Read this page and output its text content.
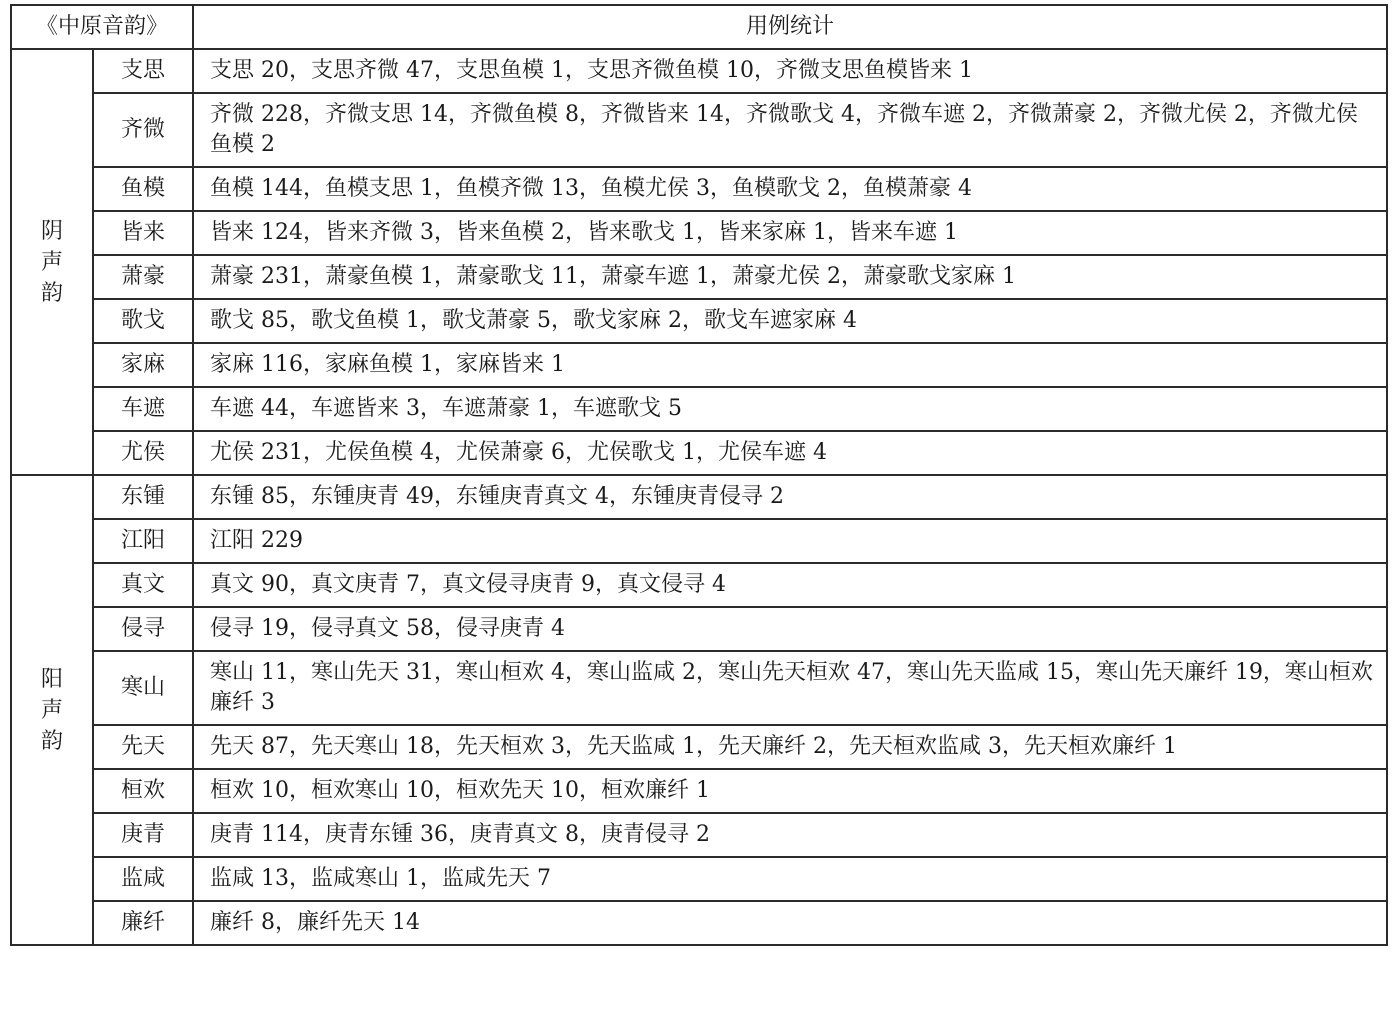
《中原音韵》		用例统计

阴声韵	支思	支思 20，支思齐微 47，支思鱼模 1，支思齐微鱼模 10，齐微支思鱼模皆来 1
	齐微	齐微 228，齐微支思 14，齐微鱼模 8，齐微皆来 14，齐微歌戈 4，齐微车遮 2，齐微萧豪 2，齐微尤侯 2，齐微尤侯鱼模 2
	鱼模	鱼模 144，鱼模支思 1，鱼模齐微 13，鱼模尤侯 3，鱼模歌戈 2，鱼模萧豪 4
	皆来	皆来 124，皆来齐微 3，皆来鱼模 2，皆来歌戈 1，皆来家麻 1，皆来车遮 1
	萧豪	萧豪 231，萧豪鱼模 1，萧豪歌戈 11，萧豪车遮 1，萧豪尤侯 2，萧豪歌戈家麻 1
	歌戈	歌戈 85，歌戈鱼模 1，歌戈萧豪 5，歌戈家麻 2，歌戈车遮家麻 4
	家麻	家麻 116，家麻鱼模 1，家麻皆来 1
	车遮	车遮 44，车遮皆来 3，车遮萧豪 1，车遮歌戈 5
	尤侯	尤侯 231，尤侯鱼模 4，尤侯萧豪 6，尤侯歌戈 1，尤侯车遮 4

阳声韵	东锺	东锺 85，东锺庚青 49，东锺庚青真文 4，东锺庚青侵寻 2
	江阳	江阳 229
	真文	真文 90，真文庚青 7，真文侵寻庚青 9，真文侵寻 4
	侵寻	侵寻 19，侵寻真文 58，侵寻庚青 4
	寒山	寒山 11，寒山先天 31，寒山桓欢 4，寒山监咸 2，寒山先天桓欢 47，寒山先天监咸 15，寒山先天廉纤 19，寒山桓欢廉纤 3
	先天	先天 87，先天寒山 18，先天桓欢 3，先天监咸 1，先天廉纤 2，先天桓欢监咸 3，先天桓欢廉纤 1
	桓欢	桓欢 10，桓欢寒山 10，桓欢先天 10，桓欢廉纤 1
	庚青	庚青 114，庚青东锺 36，庚青真文 8，庚青侵寻 2
	监咸	监咸 13，监咸寒山 1，监咸先天 7
	廉纤	廉纤 8，廉纤先天 14
